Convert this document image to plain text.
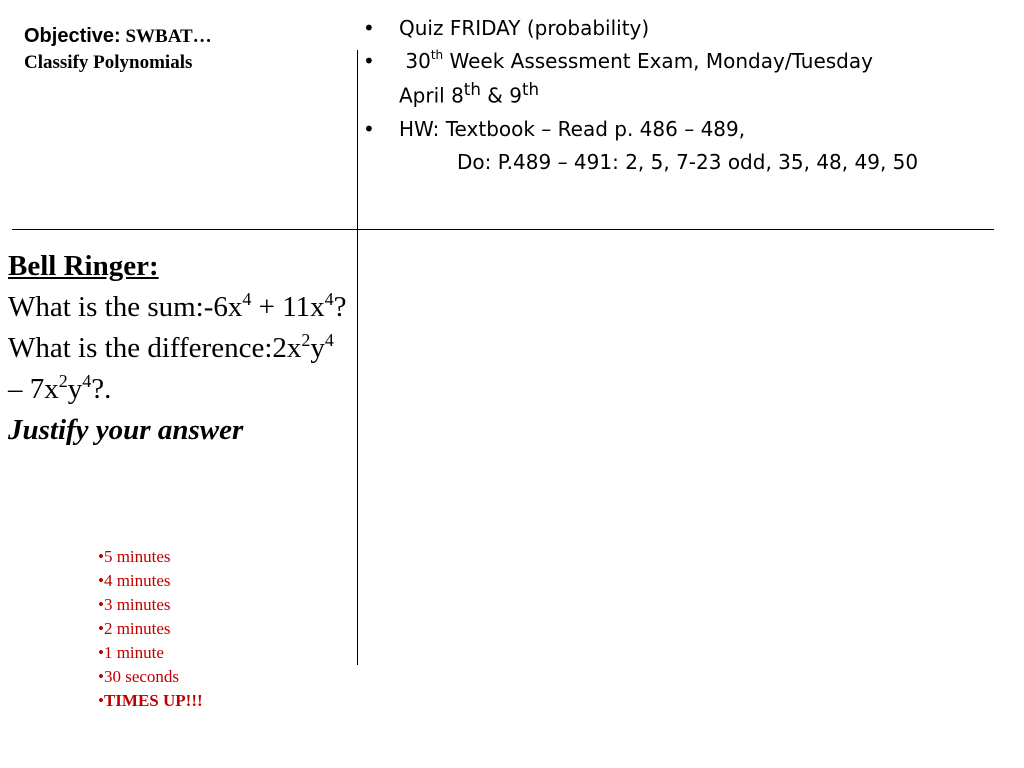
Objective: SWBAT…
Classify Polynomials
• Quiz FRIDAY (probability)
• 30th Week Assessment Exam, Monday/Tuesday
April 8th & 9th
• HW: Textbook – Read p. 486 – 489,
Do: P.489 – 491: 2, 5, 7-23 odd, 35, 48, 49, 50
Bell Ringer:
What is the $sum:-6x^4 + 11x^4$?
What is the $difference:2x^2y^4 - 7x^2y^4$?.
Justify your answer
•5 minutes
•4 minutes
•3 minutes
•2 minutes
•1 minute
•30 seconds
•TIMES UP!!!
